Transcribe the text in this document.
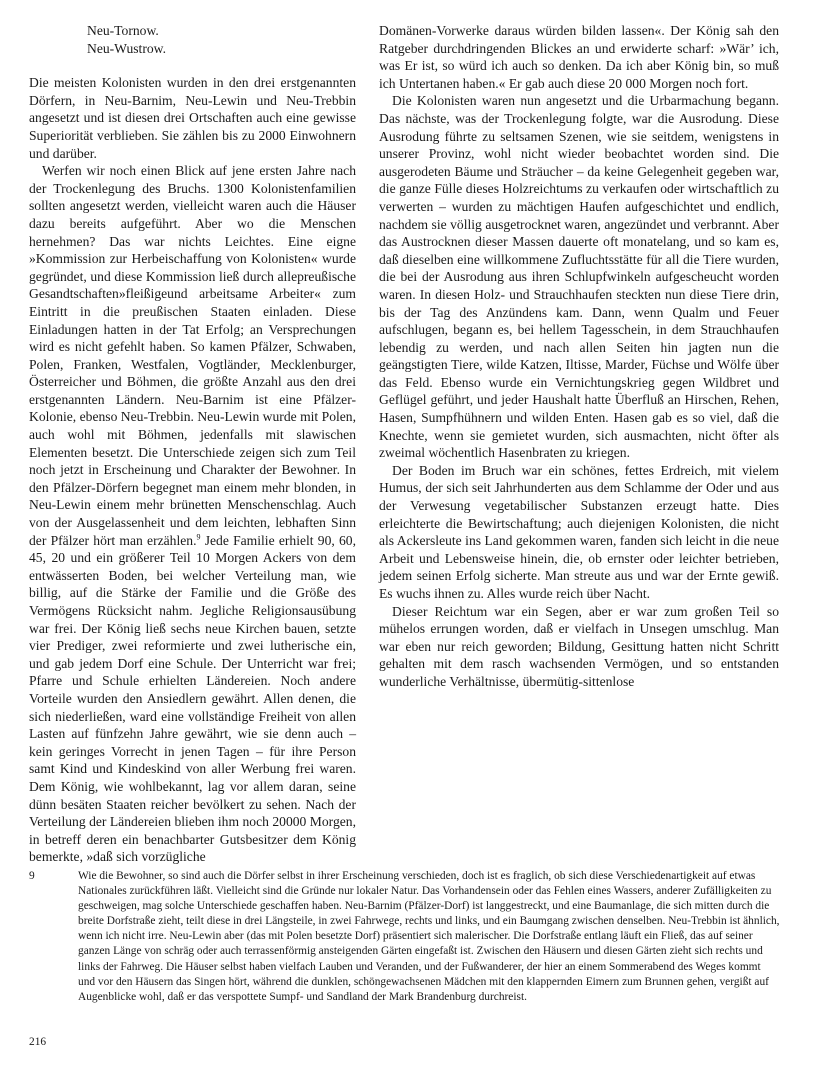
Neu-Tornow.
Neu-Wustrow.

Die meisten Kolonisten wurden in den drei erstgenannten Dörfern, in Neu-Barnim, Neu-Lewin und Neu-Trebbin angesetzt und ist diesen drei Ortschaften auch eine gewisse Superiorität verblieben. Sie zählen bis zu 2000 Einwohnern und darüber.

Werfen wir noch einen Blick auf jene ersten Jahre nach der Trockenlegung des Bruchs. 1300 Kolonistenfamilien sollten angesetzt werden, vielleicht waren auch die Häuser dazu bereits aufgeführt. Aber wo die Menschen hernehmen? Das war nichts Leichtes. Eine eigne »Kommission zur Herbeischaffung von Kolonisten« wurde gegründet, und diese Kommission ließ durch allepreußische Gesandtschaften»fleißigeund arbeitsame Arbeiter« zum Eintritt in die preußischen Staaten einladen. Diese Einladungen hatten in der Tat Erfolg; an Versprechungen wird es nicht gefehlt haben. So kamen Pfälzer, Schwaben, Polen, Franken, Westfalen, Vogtländer, Mecklenburger, Österreicher und Böhmen, die größte Anzahl aus den drei erstgenannten Ländern. Neu-Barnim ist eine Pfälzer-Kolonie, ebenso Neu-Trebbin. Neu-Lewin wurde mit Polen, auch wohl mit Böhmen, jedenfalls mit slawischen Elementen besetzt. Die Unterschiede zeigen sich zum Teil noch jetzt in Erscheinung und Charakter der Bewohner. In den Pfälzer-Dörfern begegnet man einem mehr blonden, in Neu-Lewin einem mehr brünetten Menschenschlag. Auch von der Ausgelassenheit und dem leichten, lebhaften Sinn der Pfälzer hört man erzählen.$^9$ Jede Familie erhielt 90, 60, 45, 20 und ein größerer Teil 10 Morgen Ackers von dem entwässerten Boden, bei welcher Verteilung man, wie billig, auf die Stärke der Familie und die Größe des Vermögens Rücksicht nahm. Jegliche Religionsausübung war frei. Der König ließ sechs neue Kirchen bauen, setzte vier Prediger, zwei reformierte und zwei lutherische ein, und gab jedem Dorf eine Schule. Der Unterricht war frei; Pfarre und Schule erhielten Ländereien. Noch andere Vorteile wurden den Ansiedlern gewährt. Allen denen, die sich niederließen, ward eine vollständige Freiheit von allen Lasten auf fünfzehn Jahre gewährt, wie sie denn auch – kein geringes Vorrecht in jenen Tagen – für ihre Person samt Kind und Kindeskind von aller Werbung frei waren. Dem König, wie wohlbekannt, lag vor allem daran, seine dünn besäten Staaten reicher bevölkert zu sehen. Nach der Verteilung der Ländereien blieben ihm noch 20000 Morgen, in betreff deren ein benachbarter Gutsbesitzer dem König bemerkte, »daß sich vorzügliche

Domänen-Vorwerke daraus würden bilden lassen«. Der König sah den Ratgeber durchdringenden Blickes an und erwiderte scharf: »Wär’ ich, was Er ist, so würd ich auch so denken. Da ich aber König bin, so muß ich Untertanen haben.« Er gab auch diese 20 000 Morgen noch fort.

Die Kolonisten waren nun angesetzt und die Urbarmachung begann. Das nächste, was der Trockenlegung folgte, war die Ausrodung. Diese Ausrodung führte zu seltsamen Szenen, wie sie seitdem, wenigstens in unserer Provinz, wohl nicht wieder beobachtet worden sind. Die ausgerodeten Bäume und Sträucher – da keine Gelegenheit gegeben war, die ganze Fülle dieses Holzreichtums zu verkaufen oder wirtschaftlich zu verwerten – wurden zu mächtigen Haufen aufgeschichtet und endlich, nachdem sie völlig ausgetrocknet waren, angezündet und verbrannt. Aber das Austrocknen dieser Massen dauerte oft monatelang, und so kam es, daß dieselben eine willkommene Zufluchtsstätte für all die Tiere wurden, die bei der Ausrodung aus ihren Schlupfwinkeln aufgescheucht worden waren. In diesen Holz- und Strauchhaufen steckten nun diese Tiere drin, bis der Tag des Anzündens kam. Dann, wenn Qualm und Feuer aufschlugen, begann es, bei hellem Tagesschein, in dem Strauchhaufen lebendig zu werden, und nach allen Seiten hin jagten nun die geängstigten Tiere, wilde Katzen, Iltisse, Marder, Füchse und Wölfe über das Feld. Ebenso wurde ein Vernichtungskrieg gegen Wildbret und Geflügel geführt, und jeder Haushalt hatte Überfluß an Hirschen, Rehen, Hasen, Sumpfhühnern und wilden Enten. Hasen gab es so viel, daß die Knechte, wenn sie gemietet wurden, sich ausmachten, nicht öfter als zweimal wöchentlich Hasenbraten zu kriegen.

Der Boden im Bruch war ein schönes, fettes Erdreich, mit vielem Humus, der sich seit Jahrhunderten aus dem Schlamme der Oder und aus der Verwesung vegetabilischer Substanzen erzeugt hatte. Dies erleichterte die Bewirtschaftung; auch diejenigen Kolonisten, die nicht als Ackersleute ins Land gekommen waren, fanden sich leicht in die neue Arbeit und Lebensweise hinein, die, ob ernster oder leichter betrieben, jedem seinen Erfolg sicherte. Man streute aus und war der Ernte gewiß. Es wuchs ihnen zu. Alles wurde reich über Nacht.

Dieser Reichtum war ein Segen, aber er war zum großen Teil so mühelos errungen worden, daß er vielfach in Unsegen umschlug. Man war eben nur reich geworden; Bildung, Gesittung hatten nicht Schritt gehalten mit dem rasch wachsenden Vermögen, und so entstanden wunderliche Verhältnisse, übermütig-sittenlose

9	Wie die Bewohner, so sind auch die Dörfer selbst in ihrer Erscheinung verschieden, doch ist es fraglich, ob sich diese Verschiedenartigkeit auf etwas Nationales zurückführen läßt. Vielleicht sind die Gründe nur lokaler Natur. Das Vorhandensein oder das Fehlen eines Wassers, anderer Zufälligkeiten zu geschweigen, mag solche Unterschiede geschaffen haben. Neu-Barnim (Pfälzer-Dorf) ist langgestreckt, und eine Baumanlage, die sich mitten durch die breite Dorfstraße zieht, teilt diese in drei Längsteile, in zwei Fahrwege, rechts und links, und ein Baumgang zwischen denselben. Neu-Trebbin ist ähnlich, wenn ich nicht irre. Neu-Lewin aber (das mit Polen besetzte Dorf) präsentiert sich malerischer. Die Dorfstraße entlang läuft ein Fließ, das auf seiner ganzen Länge von schräg oder auch terrassenförmig ansteigenden Gärten eingefaßt ist. Zwischen den Häusern und diesen Gärten zieht sich rechts und links der Fahrweg. Die Häuser selbst haben vielfach Lauben und Veranden, und der Fußwanderer, der hier an einem Sommerabend des Weges kommt und vor den Häusern das Singen hört, während die dunklen, schöngewachsenen Mädchen mit den klappernden Eimern zum Brunnen gehen, vergißt auf Augenblicke wohl, daß er das verspottete Sumpf- und Sandland der Mark Brandenburg durchreist.
216
